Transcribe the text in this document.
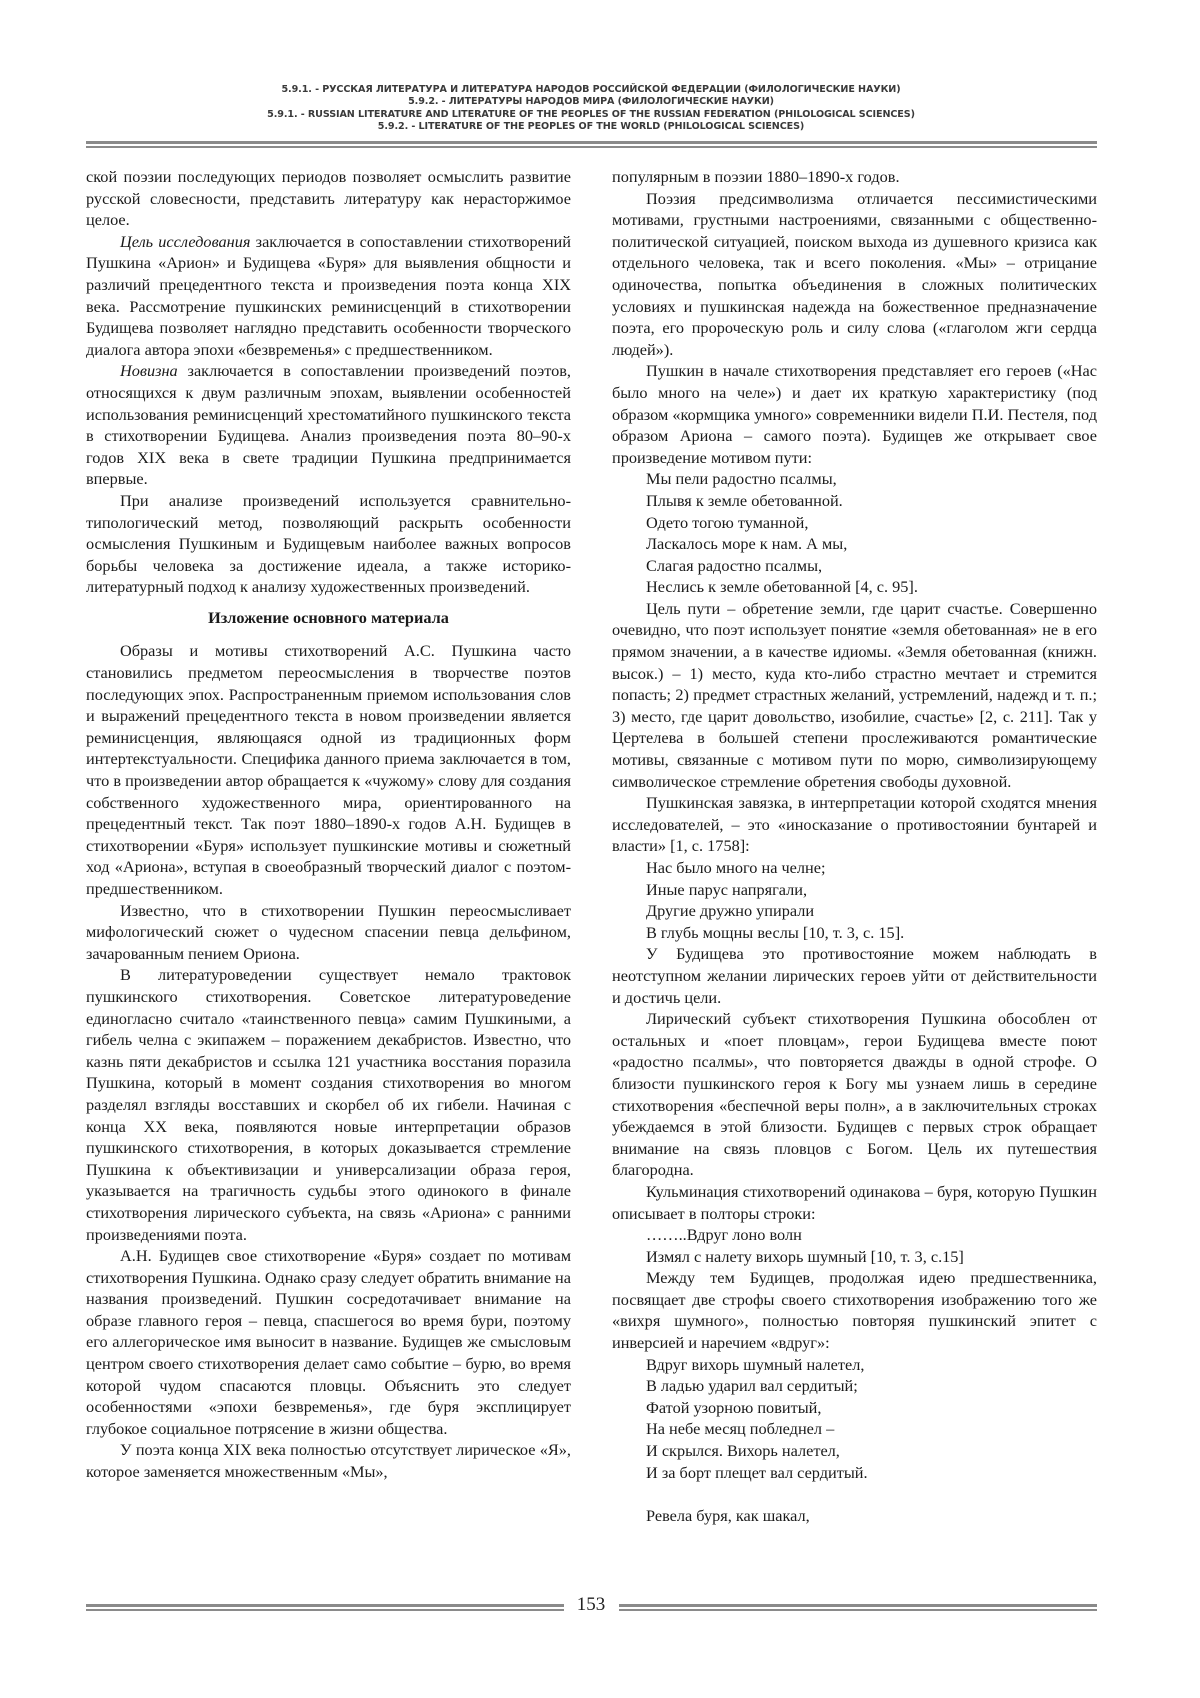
5.9.1. - РУССКАЯ ЛИТЕРАТУРА И ЛИТЕРАТУРА НАРОДОВ РОССИЙСКОЙ ФЕДЕРАЦИИ (ФИЛОЛОГИЧЕСКИЕ НАУКИ)
5.9.2. - ЛИТЕРАТУРЫ НАРОДОВ МИРА (ФИЛОЛОГИЧЕСКИЕ НАУКИ)
5.9.1. - RUSSIAN LITERATURE AND LITERATURE OF THE PEOPLES OF THE RUSSIAN FEDERATION (PHILOLOGICAL SCIENCES)
5.9.2. - LITERATURE OF THE PEOPLES OF THE WORLD (PHILOLOGICAL SCIENCES)

ской поэзии последующих периодов позволяет осмыслить развитие русской словесности, представить литературу как нерасторжимое целое.

Цель исследования заключается в сопоставлении стихотворений Пушкина «Арион» и Будищева «Буря» для выявления общности и различий прецедентного текста и произведения поэта конца XIX века. Рассмотрение пушкинских реминисценций в стихотворении Будищева позволяет наглядно представить особенности творческого диалога автора эпохи «безвременья» с предшественником.

Новизна заключается в сопоставлении произведений поэтов, относящихся к двум различным эпохам, выявлении особенностей использования реминисценций хрестоматийного пушкинского текста в стихотворении Будищева. Анализ произведения поэта 80–90-х годов XIX века в свете традиции Пушкина предпринимается впервые.

При анализе произведений используется сравнительно-типологический метод, позволяющий раскрыть особенности осмысления Пушкиным и Будищевым наиболее важных вопросов борьбы человека за достижение идеала, а также историко-литературный подход к анализу художественных произведений.

Изложение основного материала

Образы и мотивы стихотворений А.С. Пушкина часто становились предметом переосмысления в творчестве поэтов последующих эпох. Распространенным приемом использования слов и выражений прецедентного текста в новом произведении является реминисценция, являющаяся одной из традиционных форм интертекстуальности. Специфика данного приема заключается в том, что в произведении автор обращается к «чужому» слову для создания собственного художественного мира, ориентированного на прецедентный текст. Так поэт 1880–1890-х годов А.Н. Будищев в стихотворении «Буря» использует пушкинские мотивы и сюжетный ход «Ариона», вступая в своеобразный творческий диалог с поэтом-предшественником.

Известно, что в стихотворении Пушкин переосмысливает мифологический сюжет о чудесном спасении певца дельфином, зачарованным пением Ориона.

В литературоведении существует немало трактовок пушкинского стихотворения. Советское литературоведение единогласно считало «таинственного певца» самим Пушкиными, а гибель челна с экипажем – поражением декабристов. Известно, что казнь пяти декабристов и ссылка 121 участника восстания поразила Пушкина, который в момент создания стихотворения во многом разделял взгляды восставших и скорбел об их гибели. Начиная с конца XX века, появляются новые интерпретации образов пушкинского стихотворения, в которых доказывается стремление Пушкина к объективизации и универсализации образа героя, указывается на трагичность судьбы этого одинокого в финале стихотворения лирического субъекта, на связь «Ариона» с ранними произведениями поэта.

А.Н. Будищев свое стихотворение «Буря» создает по мотивам стихотворения Пушкина. Однако сразу следует обратить внимание на названия произведений. Пушкин сосредотачивает внимание на образе главного героя – певца, спасшегося во время бури, поэтому его аллегорическое имя выносит в название. Будищев же смысловым центром своего стихотворения делает само событие – бурю, во время которой чудом спасаются пловцы. Объяснить это следует особенностями «эпохи безвременья», где буря эксплицирует глубокое социальное потрясение в жизни общества.

У поэта конца XIX века полностью отсутствует лирическое «Я», которое заменяется множественным «Мы»,

популярным в поэзии 1880–1890-х годов.

Поэзия предсимволизма отличается пессимистическими мотивами, грустными настроениями, связанными с общественно-политической ситуацией, поиском выхода из душевного кризиса как отдельного человека, так и всего поколения. «Мы» – отрицание одиночества, попытка объединения в сложных политических условиях и пушкинская надежда на божественное предназначение поэта, его пророческую роль и силу слова («глаголом жги сердца людей»).

Пушкин в начале стихотворения представляет его героев («Нас было много на челе») и дает их краткую характеристику (под образом «кормщика умного» современники видели П.И. Пестеля, под образом Ариона – самого поэта). Будищев же открывает свое произведение мотивом пути:

Мы пели радостно псалмы,
Плывя к земле обетованной.
Одето тогою туманной,
Ласкалось море к нам. А мы,
Слагая радостно псалмы,
Неслись к земле обетованной [4, с. 95].

Цель пути – обретение земли, где царит счастье. Совершенно очевидно, что поэт использует понятие «земля обетованная» не в его прямом значении, а в качестве идиомы. «Земля обетованная (книжн. высок.) – 1) место, куда кто-либо страстно мечтает и стремится попасть; 2) предмет страстных желаний, устремлений, надежд и т. п.; 3) место, где царит довольство, изобилие, счастье» [2, с. 211]. Так у Цертелева в большей степени прослеживаются романтические мотивы, связанные с мотивом пути по морю, символизирующему символическое стремление обретения свободы духовной.

Пушкинская завязка, в интерпретации которой сходятся мнения исследователей, – это «иносказание о противостоянии бунтарей и власти» [1, с. 1758]:

Нас было много на челне;
Иные парус напрягали,
Другие дружно упирали
В глубь мощны веслы [10, т. 3, с. 15].

У Будищева это противостояние можем наблюдать в неотступном желании лирических героев уйти от действительности и достичь цели.

Лирический субъект стихотворения Пушкина обособлен от остальных и «поет пловцам», герои Будищева вместе поют «радостно псалмы», что повторяется дважды в одной строфе. О близости пушкинского героя к Богу мы узнаем лишь в середине стихотворения «беспечной веры полн», а в заключительных строках убеждаемся в этой близости. Будищев с первых строк обращает внимание на связь пловцов с Богом. Цель их путешествия благородна.

Кульминация стихотворений одинакова – буря, которую Пушкин описывает в полторы строки:

……..Вдруг лоно волн
Измял с налету вихорь шумный [10, т. 3, с.15]

Между тем Будищев, продолжая идею предшественника, посвящает две строфы своего стихотворения изображению того же «вихря шумного», полностью повторяя пушкинский эпитет с инверсией и наречием «вдруг»:

Вдруг вихорь шумный налетел,
В ладью ударил вал сердитый;
Фатой узорною повитый,
На небе месяц побледнел –
И скрылся. Вихорь налетел,
И за борт плещет вал сердитый.
Ревела буря, как шакал,
153
